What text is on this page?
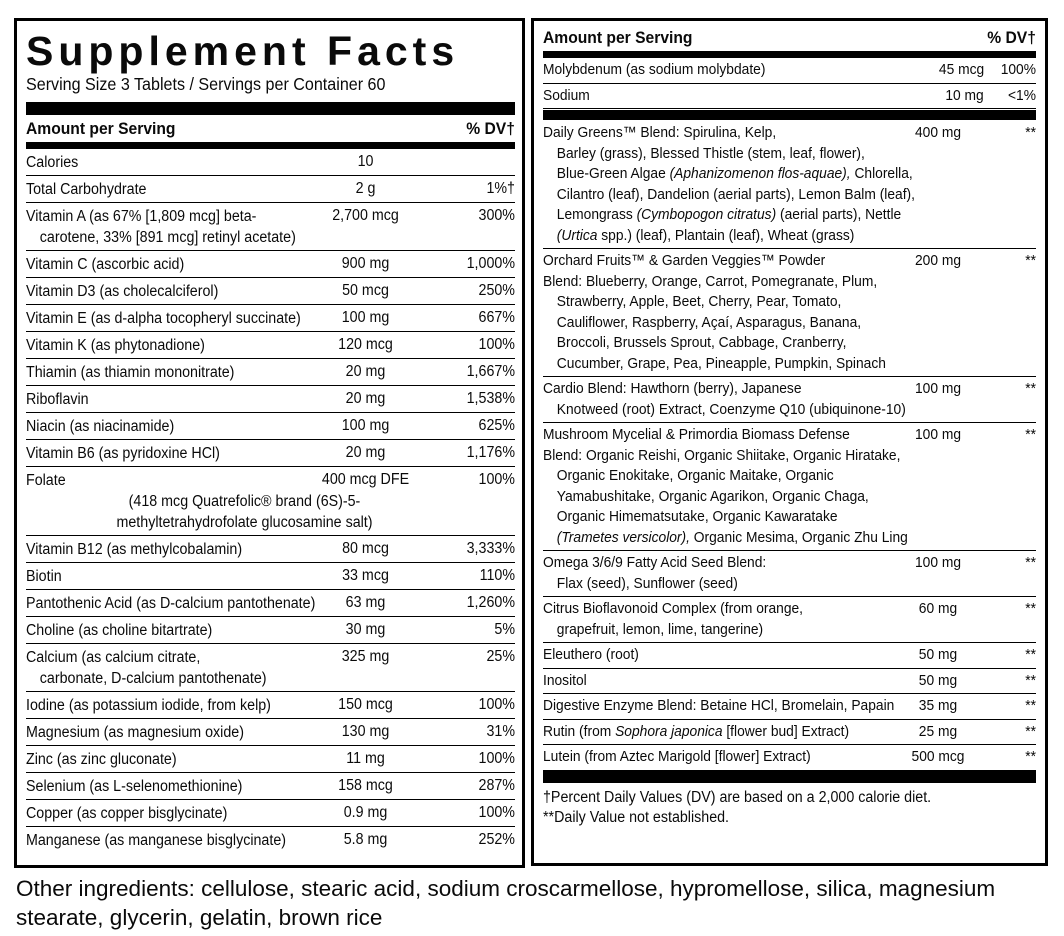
Supplement Facts
Serving Size 3 Tablets / Servings per Container 60
Amount per Serving	% DV†
Calories	10
Total Carbohydrate	2 g	1%†
Vitamin A (as 67% [1,809 mcg] beta-
carotene, 33% [891 mcg] retinyl acetate)
2,700 mcg	300%
Vitamin C (ascorbic acid)	900 mg	1,000%
Vitamin D3 (as cholecalciferol)	50 mcg	250%
Vitamin E (as d-alpha tocopheryl succinate)	100 mg	667%
Vitamin K (as phytonadione)	120 mcg	100%
Thiamin (as thiamin mononitrate)	20 mg	1,667%
Riboflavin	20 mg	1,538%
Niacin (as niacinamide)	100 mg	625%
Vitamin B6 (as pyridoxine HCl)	20 mg	1,176%
Folate
(418 mcg Quatrefolic® brand (6S)-5-
methyltetrahydrofolate glucosamine salt)
400 mcg DFE	100%
Vitamin B12 (as methylcobalamin)	80 mcg	3,333%
Biotin	33 mcg	110%
Pantothenic Acid (as D-calcium pantothenate)	63 mg	1,260%
Choline (as choline bitartrate)	30 mg	5%
Calcium (as calcium citrate,
carbonate, D-calcium pantothenate)
325 mg	25%
Iodine (as potassium iodide, from kelp)	150 mcg	100%
Magnesium (as magnesium oxide)	130 mg	31%
Zinc (as zinc gluconate)	11 mg	100%
Selenium (as L-selenomethionine)	158 mcg	287%
Copper (as copper bisglycinate)	0.9 mg	100%
Manganese (as manganese bisglycinate)	5.8 mg	252%
Amount per Serving	% DV†
Molybdenum (as sodium molybdate)	45 mcg	100%
Sodium	10 mg	<1%
Daily Greens™ Blend: Spirulina, Kelp,
Barley (grass), Blessed Thistle (stem, leaf, flower),
Blue-Green Algae (Aphanizomenon flos-aquae), Chlorella,
Cilantro (leaf), Dandelion (aerial parts), Lemon Balm (leaf),
Lemongrass (Cymbopogon citratus) (aerial parts), Nettle
(Urtica spp.) (leaf), Plantain (leaf), Wheat (grass)
400 mg	**
Orchard Fruits™ & Garden Veggies™ Powder
Blend: Blueberry, Orange, Carrot, Pomegranate, Plum,
Strawberry, Apple, Beet, Cherry, Pear, Tomato,
Cauliflower, Raspberry, Açaí, Asparagus, Banana,
Broccoli, Brussels Sprout, Cabbage, Cranberry,
Cucumber, Grape, Pea, Pineapple, Pumpkin, Spinach
200 mg	**
Cardio Blend: Hawthorn (berry), Japanese
Knotweed (root) Extract, Coenzyme Q10 (ubiquinone-10)
100 mg	**
Mushroom Mycelial & Primordia Biomass Defense
Blend: Organic Reishi, Organic Shiitake, Organic Hiratake,
Organic Enokitake, Organic Maitake, Organic
Yamabushitake, Organic Agarikon, Organic Chaga,
Organic Himematsutake, Organic Kawaratake
(Trametes versicolor), Organic Mesima, Organic Zhu Ling
100 mg	**
Omega 3/6/9 Fatty Acid Seed Blend:
Flax (seed), Sunflower (seed)
100 mg	**
Citrus Bioflavonoid Complex (from orange,
grapefruit, lemon, lime, tangerine)
60 mg	**
Eleuthero (root)	50 mg	**
Inositol	50 mg	**
Digestive Enzyme Blend: Betaine HCl, Bromelain, Papain	35 mg	**
Rutin (from Sophora japonica [flower bud] Extract)	25 mg	**
Lutein (from Aztec Marigold [flower] Extract)	500 mcg	**
†Percent Daily Values (DV) are based on a 2,000 calorie diet.
**Daily Value not established.
Other ingredients: cellulose, stearic acid, sodium croscarmellose, hypromellose, silica, magnesium stearate, glycerin, gelatin, brown rice
